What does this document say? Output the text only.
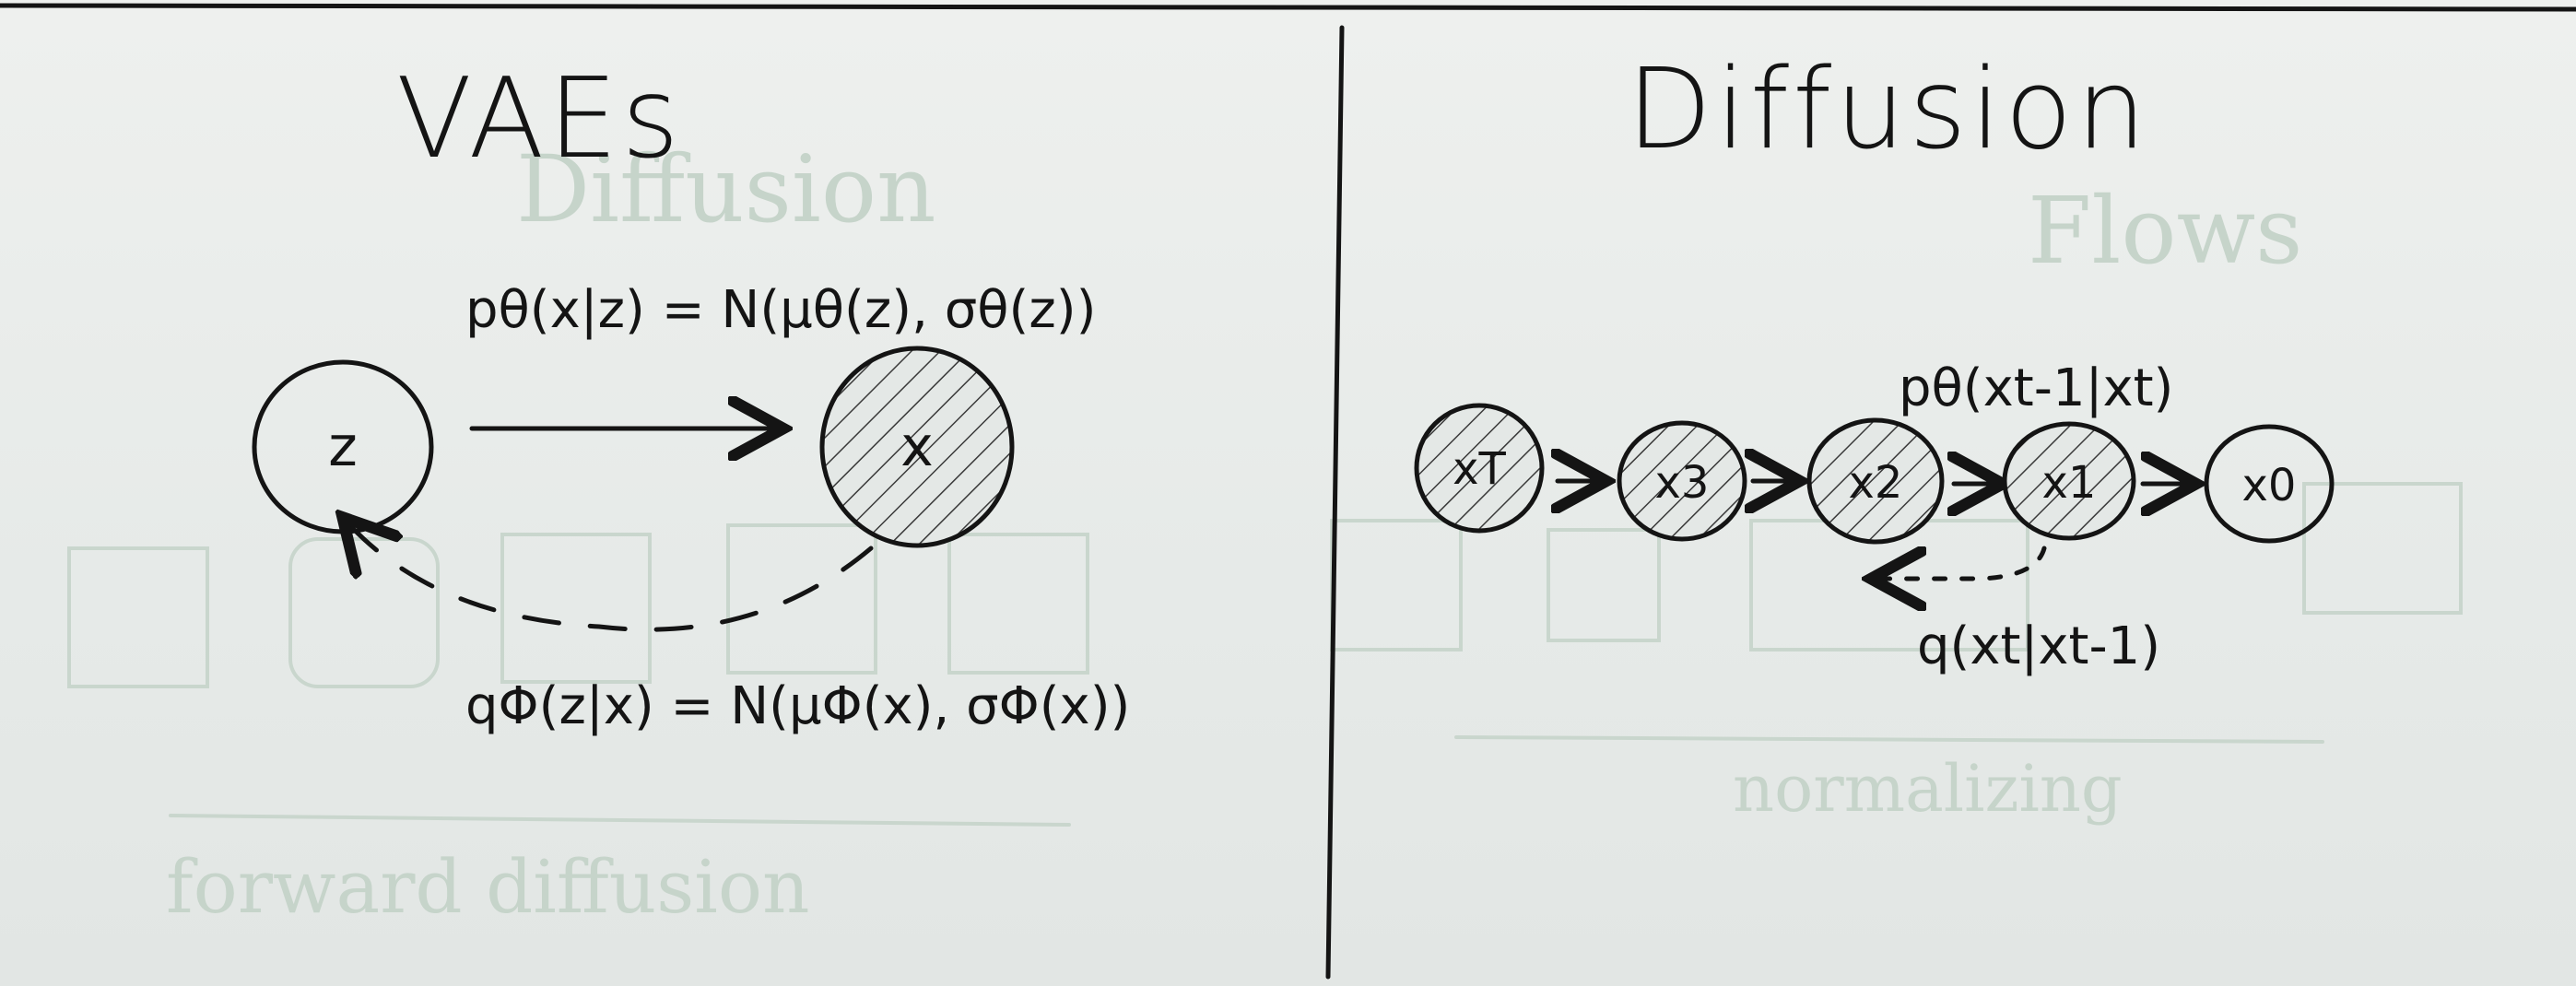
Diffusion	Flows
forward diffusion
normalizing
VAEs
pθ(x|z) = N(μθ(z), σθ(z))
z	x
qΦ(z|x) = N(μΦ(x), σΦ(x))
Diffusion
pθ(xt-1|xt)
xT	x3	x2	x1	x0
q(xt|xt-1)
